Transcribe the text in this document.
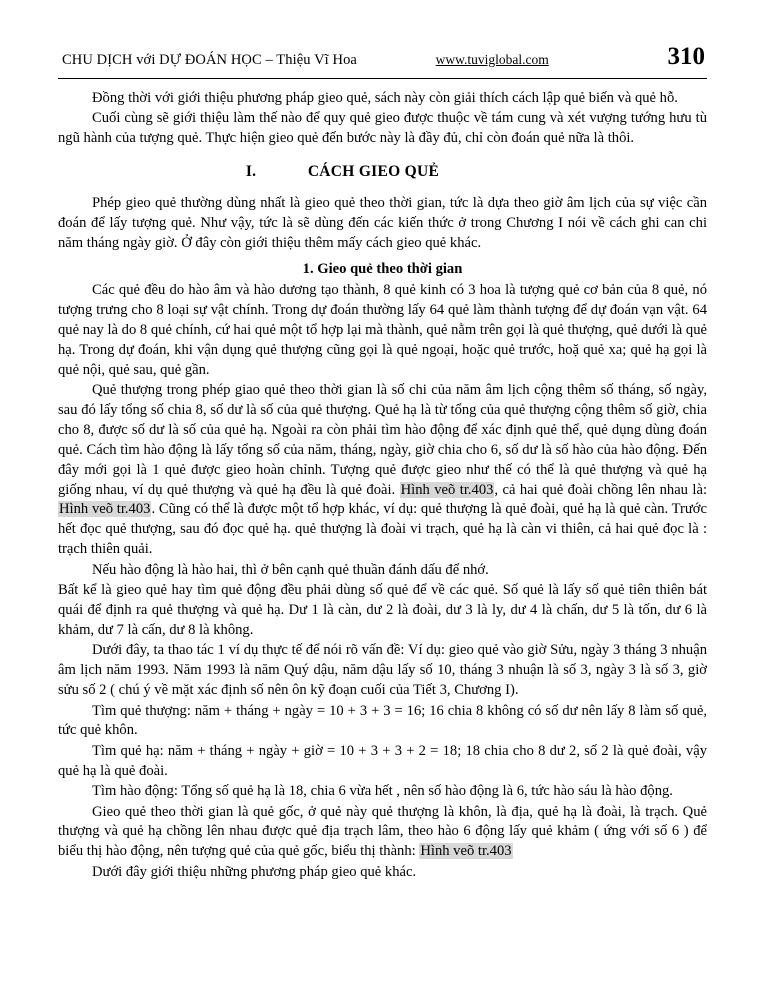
CHU DỊCH với DỰ ĐOÁN HỌC – Thiệu Vĩ Hoa	www.tuviglobal.com	310

Đồng thời với giới thiệu phương pháp gieo quẻ, sách này còn giải thích cách lập quẻ biến và quẻ hỗ.

Cuối cùng sẽ giới thiệu làm thế nào để quy quẻ gieo được thuộc về tám cung và xét vượng tướng hưu tù ngũ hành của tượng quẻ. Thực hiện gieo quẻ đến bước này là đầy đủ, chỉ còn đoán quẻ nữa là thôi.

I.	CÁCH GIEO QUẺ

Phép gieo quẻ thường dùng nhất là gieo quẻ theo thời gian, tức là dựa theo giờ âm lịch của sự việc cần đoán để lấy tượng quẻ. Như vậy, tức là sẽ dùng đến các kiến thức ở trong Chương I nói về cách ghi can chi năm tháng ngày giờ. Ở đây còn giới thiệu thêm mấy cách gieo quẻ khác.

1. Gieo quẻ theo thời gian

Các quẻ đều do hào âm và hào dương tạo thành, 8 quẻ kinh có 3 hoa là tượng quẻ cơ bản của 8 quẻ, nó tượng trưng cho 8 loại sự vật chính. Trong dự đoán thường lấy 64 quẻ làm thành tượng để dự đoán vạn vật. 64 quẻ nay là do 8 quẻ chính, cứ hai quẻ một tổ hợp lại mà thành, quẻ nằm trên gọi là quẻ thượng, quẻ dưới là quẻ hạ. Trong dự đoán, khi vận dụng quẻ thượng cũng gọi là quẻ ngoại, hoặc quẻ trước, hoặ quẻ xa; quẻ hạ gọi là quẻ nội, quẻ sau, quẻ gần.

Quẻ thượng trong phép giao quẻ theo thời gian là số chi của năm âm lịch cộng thêm số tháng, số ngày, sau đó lấy tổng số chia 8, số dư là số của quẻ thượng. Quẻ hạ là từ tổng của quẻ thượng cộng thêm số giờ, chia cho 8, được số dư là số của quẻ hạ. Ngoài ra còn phải tìm hào động để xác định quẻ thể, quẻ dụng dùng đoán quẻ. Cách tìm hào động là lấy tổng số của năm, tháng, ngày, giờ chia cho 6, số dư là số hào của hào động. Đến đây mới gọi là 1 quẻ được gieo hoàn chỉnh. Tượng quẻ được gieo như thế có thể là quẻ thượng và quẻ hạ giống nhau, ví dụ quẻ thượng và quẻ hạ đều là quẻ đoài. Hình veõ tr.403, cả hai quẻ đoài chồng lên nhau là: Hình veõ tr.403. Cũng có thể là được một tổ hợp khác, ví dụ: quẻ thượng là quẻ đoài, quẻ hạ là quẻ càn. Trước hết đọc quẻ thượng, sau đó đọc quẻ hạ. quẻ thượng là đoài vi trạch, quẻ hạ là càn vi thiên, cả hai quẻ đọc là : trạch thiên quải.

Nếu hào động là hào hai, thì ở bên cạnh quẻ thuần đánh dấu để nhớ.

Bất kể là gieo quẻ hay tìm quẻ động đều phải dùng số quẻ để về các quẻ. Số quẻ là lấy số quẻ tiên thiên bát quái để định ra quẻ thượng và quẻ hạ. Dư 1 là càn, dư 2 là đoài, dư 3 là ly, dư 4 là chấn, dư 5 là tốn, dư 6 là khảm, dư 7 là cấn, dư 8 là không.

Dưới đây, ta thao tác 1 ví dụ thực tế để nói rõ vấn đề: Ví dụ: gieo quẻ vào giờ Sửu, ngày 3 tháng 3 nhuận âm lịch năm 1993. Năm 1993 là năm Quý dậu, năm dậu lấy số 10, tháng 3 nhuận là số 3, ngày 3 là số 3, giờ sửu số 2 ( chú ý về mặt xác định số nên ôn kỹ đoạn cuối của Tiết 3, Chương I).

Tìm quẻ thượng: năm + tháng + ngày = 10 + 3 + 3 = 16; 16 chia 8 không có số dư nên lấy 8 làm số quẻ, tức quẻ khôn.

Tìm quẻ hạ: năm + tháng + ngày + giờ = 10 + 3 + 3 + 2 = 18; 18 chia cho 8 dư 2, số 2 là quẻ đoài, vậy quẻ hạ là quẻ đoài.

Tìm hào động: Tổng số quẻ hạ là 18, chia 6 vừa hết , nên số hào động là 6, tức hào sáu là hào động.

Gieo quẻ theo thời gian là quẻ gốc, ở quẻ này quẻ thượng là khôn, là địa, quẻ hạ là đoài, là trạch. Quẻ thượng và quẻ hạ chồng lên nhau được quẻ địa trạch lâm, theo hào 6 động lấy quẻ khảm ( ứng với số 6 ) để biểu thị hào động, nên tượng quẻ của quẻ gốc, biểu thị thành: Hình veõ tr.403

Dưới đây giới thiệu những phương pháp gieo quẻ khác.
